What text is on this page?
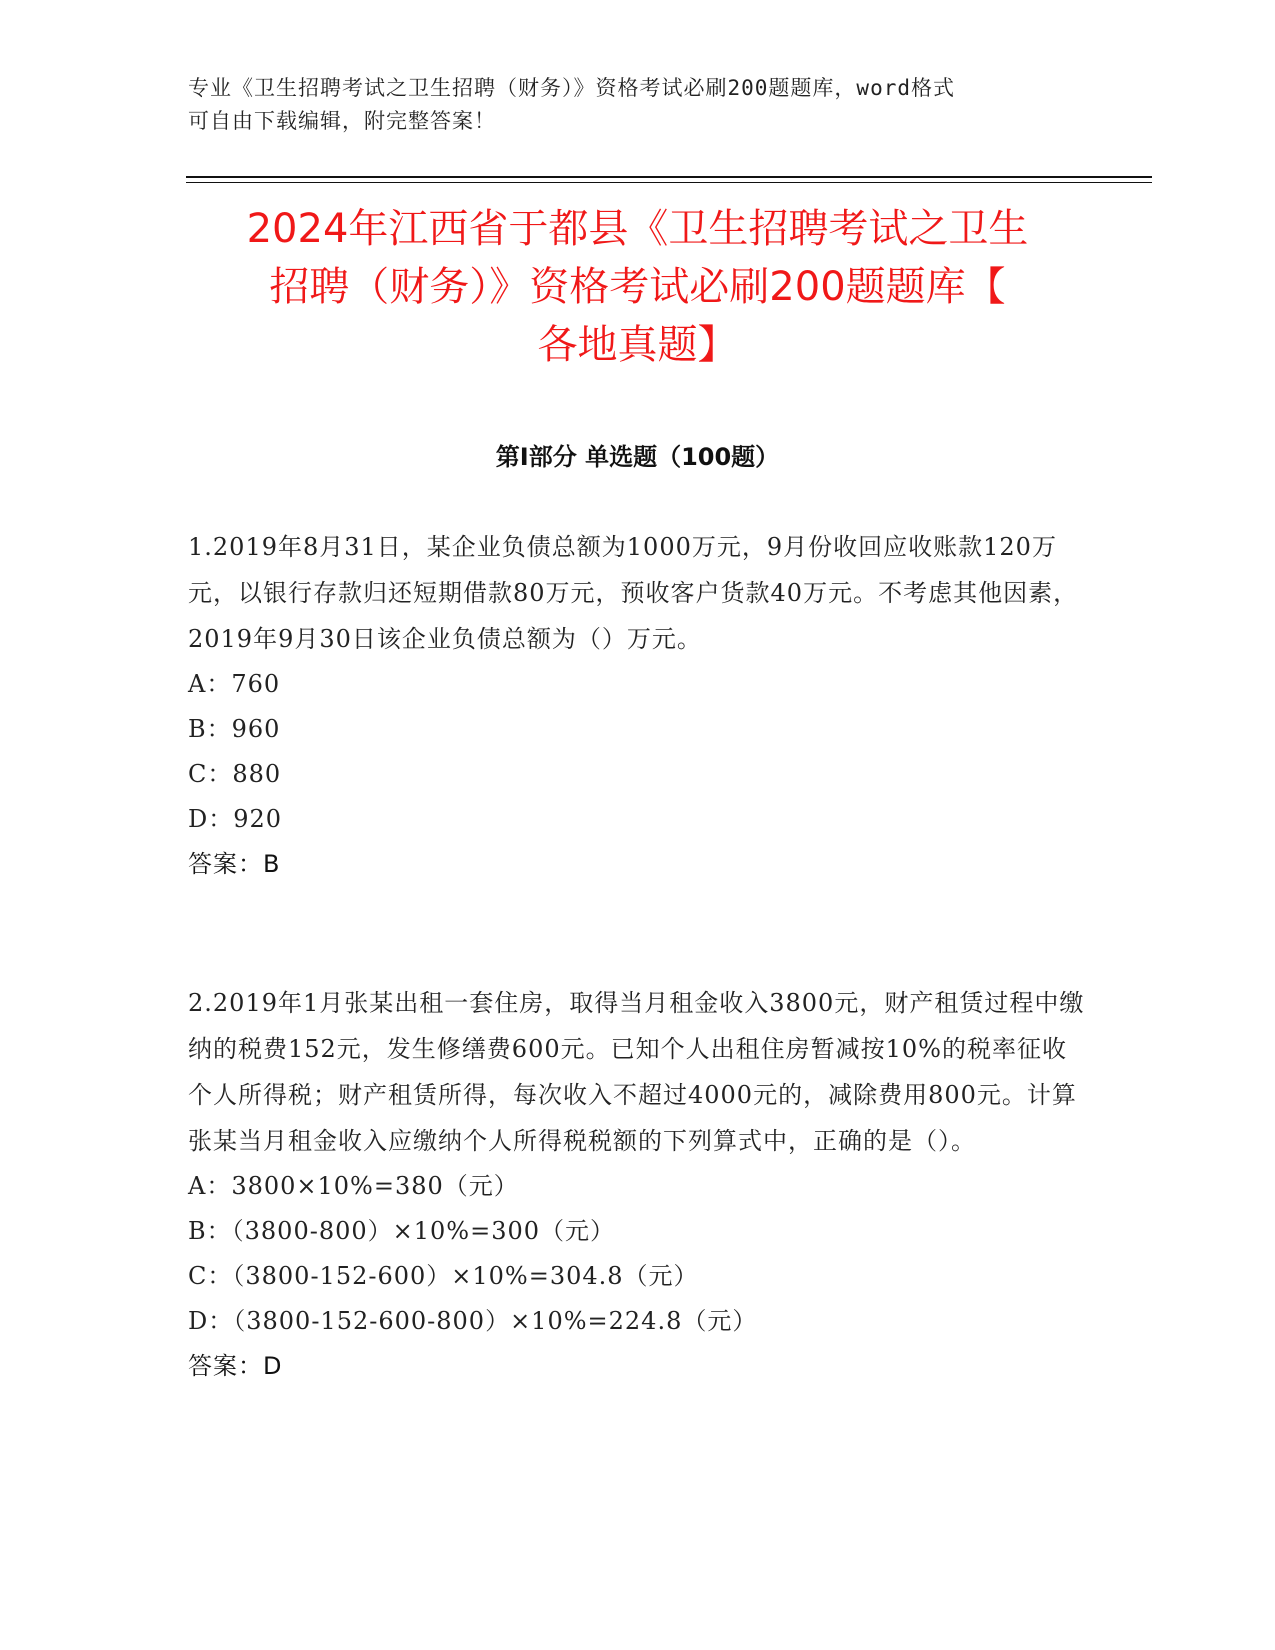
专业《卫生招聘考试之卫生招聘（财务）》资格考试必刷200题题库，word格式
可自由下载编辑，附完整答案！
2024年江西省于都县《卫生招聘考试之卫生
招聘（财务）》资格考试必刷200题题库【
各地真题】
第Ⅰ部分 单选题（100题）

1.2019年8月31日，某企业负债总额为1000万元，9月份收回应收账款120万元，以银行存款归还短期借款80万元，预收客户货款40万元。不考虑其他因素，2019年9月30日该企业负债总额为（）万元。

A：760

B：960

C：880

D：920

答案：B

2.2019年1月张某出租一套住房，取得当月租金收入3800元，财产租赁过程中缴纳的税费152元，发生修缮费600元。已知个人出租住房暂减按10%的税率征收个人所得税；财产租赁所得，每次收入不超过4000元的，减除费用800元。计算张某当月租金收入应缴纳个人所得税税额的下列算式中，正确的是（）。

A：3800×10%=380（元）

B：（3800-800）×10%=300（元）

C：（3800-152-600）×10%=304.8（元）

D：（3800-152-600-800）×10%=224.8（元）

答案：D
